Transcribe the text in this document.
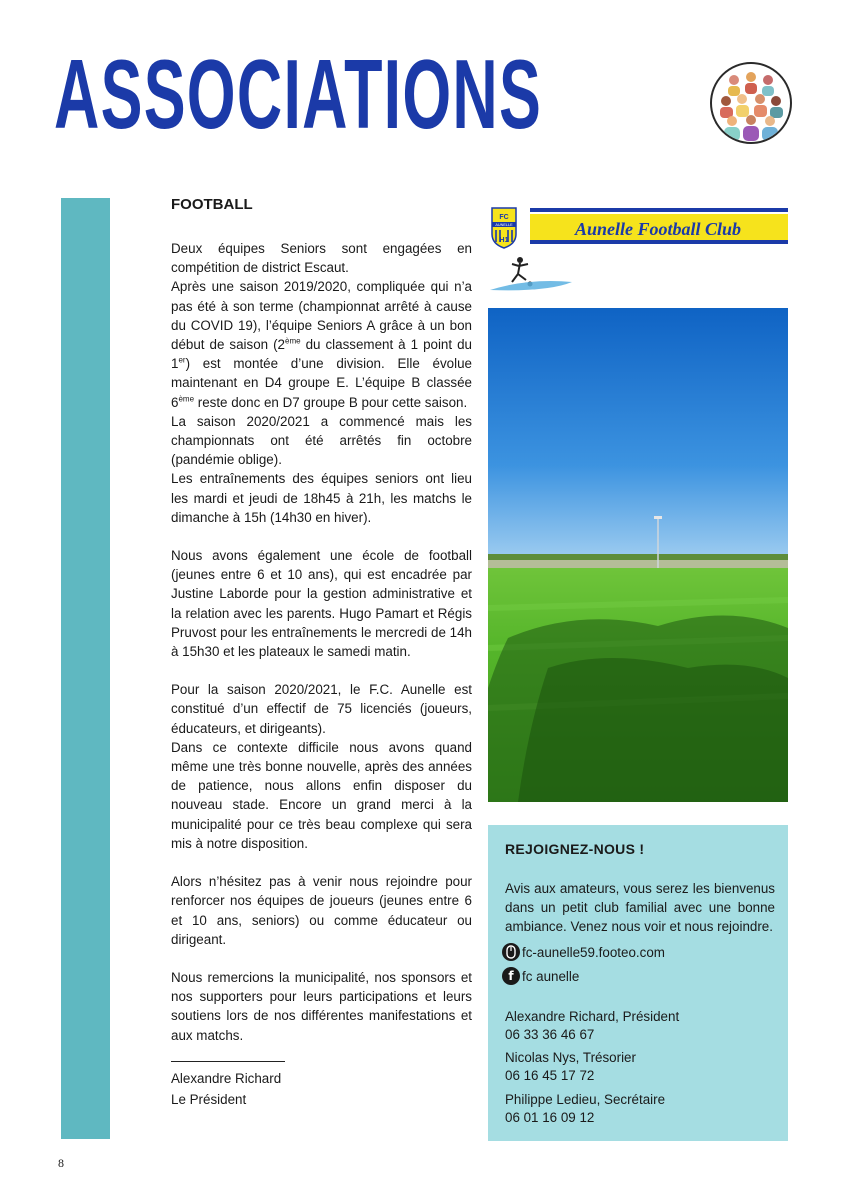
ASSOCIATIONS
FOOTBALL

Deux équipes Seniors sont engagées en compétition de district Escaut.

Après une saison 2019/2020, compliquée qui n’a pas été à son terme (championnat arrêté à cause du COVID 19), l’équipe Seniors A grâce à un bon début de saison (2ème du classement à 1 point du 1er) est montée d’une division. Elle évolue maintenant en D4 groupe E. L’équipe B classée 6ème reste donc en D7 groupe B pour cette saison.

La saison 2020/2021 a commencé mais les championnats ont été arrêtés fin octobre (pandémie oblige).

Les entraînements des équipes seniors ont lieu les mardi et jeudi de 18h45 à 21h, les matchs le dimanche à 15h (14h30 en hiver).

Nous avons également une école de football (jeunes entre 6 et 10 ans), qui est encadrée par Justine Laborde pour la gestion administrative et la relation avec les parents. Hugo Pamart et Régis Pruvost pour les entraînements le mercredi de 14h à 15h30 et les plateaux le samedi matin.

Pour la saison 2020/2021, le F.C. Aunelle est constitué d’un effectif de 75 licenciés (joueurs, éducateurs, et dirigeants).

Dans ce contexte difficile nous avons quand même une très bonne nouvelle, après des années de patience, nous allons enfin disposer du nouveau stade. Encore un grand merci à la municipalité pour ce très beau complexe qui sera mis à notre disposition.

Alors n’hésitez pas à venir nous rejoindre pour renforcer nos équipes de joueurs (jeunes entre 6 et 10 ans, seniors) ou comme éducateur ou dirigeant.

Nous remercions la municipalité, nos sponsors et nos supporters pour leurs participations et leurs soutiens lors de nos différentes manifestations et aux matchs.

Alexandre Richard
Le Président
FC
AUNELLE
H1
Aunelle Football Club
REJOIGNEZ-NOUS !
Avis aux amateurs, vous serez les bienvenus dans un petit club familial avec une bonne ambiance. Venez nous voir et nous rejoindre.
fc-aunelle59.footeo.com
f fc aunelle
Alexandre Richard, Président
06 33 36 46 67
Nicolas Nys, Trésorier
06 16 45 17 72
Philippe Ledieu, Secrétaire
06 01 16 09 12
8
